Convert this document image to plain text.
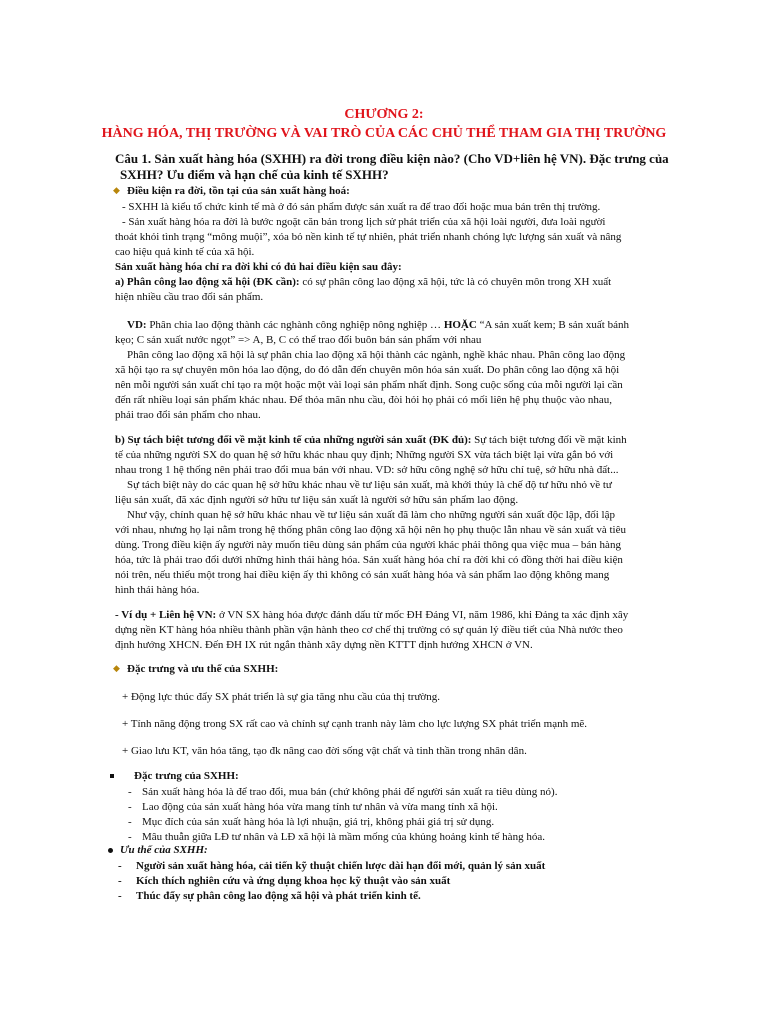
CHƯƠNG 2:
HÀNG HÓA, THỊ TRƯỜNG VÀ VAI TRÒ CỦA CÁC CHỦ THỂ THAM GIA THỊ TRƯỜNG
Câu 1. Sản xuất hàng hóa (SXHH) ra đời trong điều kiện nào? (Cho VD+liên hệ VN). Đặc trưng của
SXHH? Ưu điểm và hạn chế của kinh tế SXHH?
◆ Điều kiện ra đời, tồn tại của sản xuất hàng hoá:
- SXHH là kiểu tổ chức kinh tế mà ở đó sản phẩm được sản xuất ra để trao đổi hoặc mua bán trên thị trường.
- Sản xuất hàng hóa ra đời là bước ngoặt căn bản trong lịch sử phát triển của xã hội loài người, đưa loài người
thoát khỏi tình trạng “mông muội”, xóa bỏ nền kinh tế tự nhiên, phát triển nhanh chóng lực lượng sản xuất và nâng
cao hiệu quả kinh tế của xã hội.
Sản xuất hàng hóa chỉ ra đời khi có đủ hai điều kiện sau đây:
a) Phân công lao động xã hội (ĐK cần): có sự phân công lao động xã hội, tức là có chuyên môn trong XH xuất
hiện nhiều cầu trao đổi sản phẩm.
VD: Phân chia lao động thành các nghành công nghiệp nông nghiệp … HOẶC “A sản xuất kem; B sản xuất bánh
kẹo; C sản xuất nước ngọt” => A, B, C có thể trao đổi buôn bán sản phẩm với nhau
Phân công lao động xã hội là sự phân chia lao động xã hội thành các ngành, nghề khác nhau. Phân công lao động
xã hội tạo ra sự chuyên môn hóa lao động, do đó dẫn đến chuyên môn hóa sản xuất. Do phân công lao động xã hội
nên mỗi người sản xuất chỉ tạo ra một hoặc một vài loại sản phẩm nhất định. Song cuộc sống của mỗi người lại cần
đến rất nhiều loại sản phẩm khác nhau. Để thỏa mãn nhu cầu, đòi hỏi họ phải có mối liên hệ phụ thuộc vào nhau,
phải trao đổi sản phẩm cho nhau.
b) Sự tách biệt tương đối về mặt kinh tế của những người sản xuất (ĐK đủ): Sự tách biệt tương đối về mặt kinh
tế của những người SX do quan hệ sở hữu khác nhau quy định; Những người SX vừa tách biệt lại vừa gắn bó với
nhau trong 1 hệ thống nên phải trao đổi mua bán với nhau. VD: sở hữu công nghệ sở hữu chí tuệ, sở hữu nhà đất...
Sự tách biệt này do các quan hệ sở hữu khác nhau về tư liệu sản xuất, mà khởi thủy là chế độ tư hữu nhỏ về tư
liệu sản xuất, đã xác định người sở hữu tư liệu sản xuất là người sở hữu sản phẩm lao động.
Như vậy, chính quan hệ sở hữu khác nhau về tư liệu sản xuất đã làm cho những người sản xuất độc lập, đối lập
với nhau, nhưng họ lại nằm trong hệ thống phân công lao động xã hội nên họ phụ thuộc lẫn nhau về sản xuất và tiêu
dùng. Trong điều kiện ấy người này muốn tiêu dùng sản phẩm của người khác phải thông qua việc mua – bán hàng
hóa, tức là phải trao đổi dưới những hình thái hàng hóa. Sản xuất hàng hóa chỉ ra đời khi có đồng thời hai điều kiện
nói trên, nếu thiếu một trong hai điều kiện ấy thì không có sản xuất hàng hóa và sản phẩm lao động không mang
hình thái hàng hóa.
- Ví dụ + Liên hệ VN: ở VN SX hàng hóa được đánh dấu từ mốc ĐH Đảng VI, năm 1986, khi Đảng ta xác định xây
dựng nền KT hàng hóa nhiều thành phần vận hành theo cơ chế thị trường có sự quản lý điều tiết của Nhà nước theo
định hướng XHCN. Đến ĐH IX rút ngắn thành xây dựng nền KTTT định hướng XHCN ở VN.
◆ Đặc trưng và ưu thế của SXHH:
+ Động lực thúc đẩy SX phát triển là sự gia tăng nhu cầu của thị trường.
+ Tính năng động trong SX rất cao và chính sự cạnh tranh này làm cho lực lượng SX phát triển mạnh mẽ.
+ Giao lưu KT, văn hóa tăng, tạo đk nâng cao đời sống vật chất và tinh thần trong nhân dân.
Đặc trưng của SXHH:
- Sản xuất hàng hóa là để trao đổi, mua bán (chứ không phải để người sản xuất ra tiêu dùng nó).
- Lao động của sản xuất hàng hóa vừa mang tính tư nhân và vừa mang tính xã hội.
- Mục đích của sản xuất hàng hóa là lợi nhuận, giá trị, không phải giá trị sử dụng.
- Mâu thuẫn giữa LĐ tư nhân và LĐ xã hội là mầm mống của khủng hoảng kinh tế hàng hóa.
Ưu thế của SXHH:
- Người sản xuất hàng hóa, cải tiến kỹ thuật chiến lược dài hạn đổi mới, quản lý sản xuất
- Kích thích nghiên cứu và ứng dụng khoa học kỹ thuật vào sản xuất
- Thúc đẩy sự phân công lao động xã hội và phát triển kinh tế.
